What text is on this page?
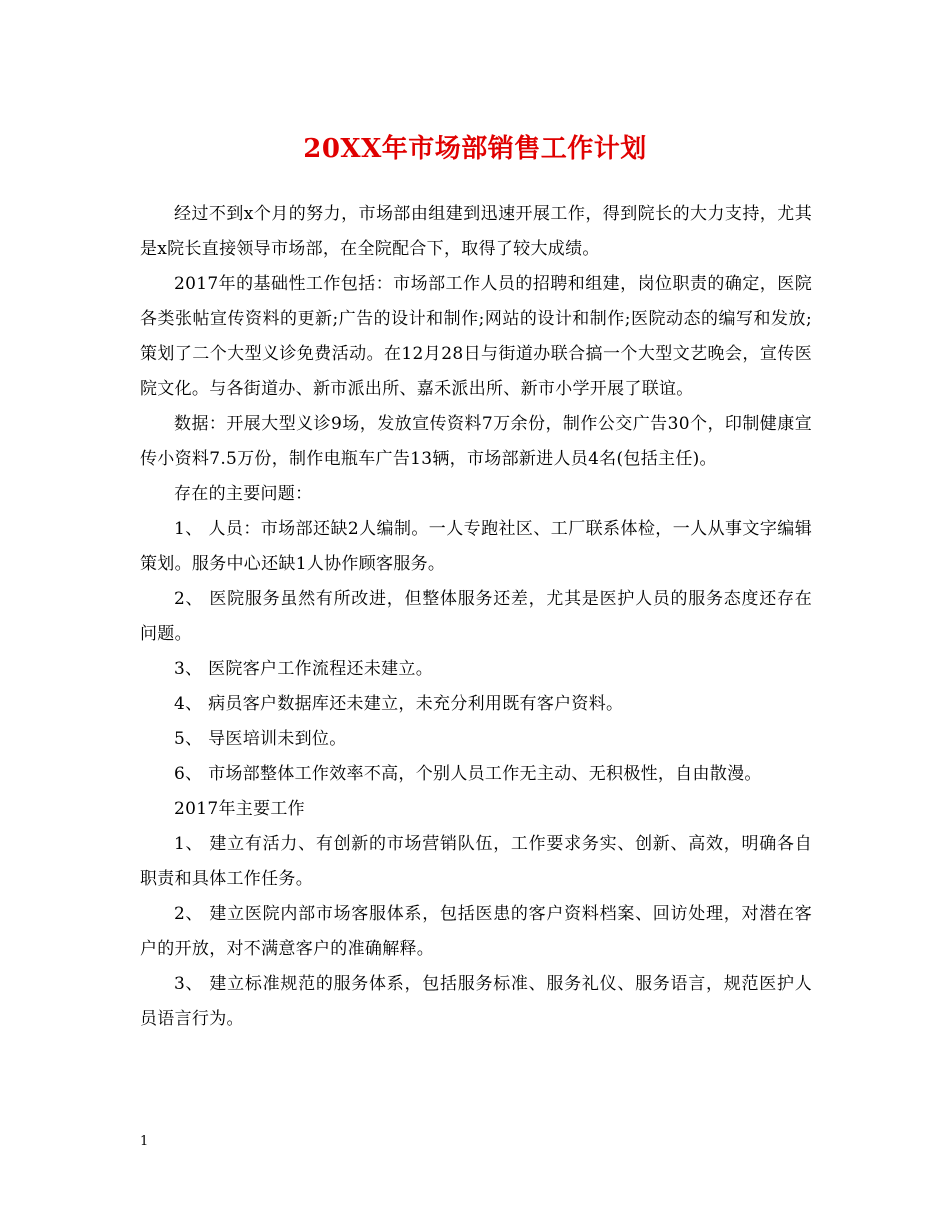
20XX年市场部销售工作计划

经过不到x个月的努力，市场部由组建到迅速开展工作，得到院长的大力支持，尤其是x院长直接领导市场部，在全院配合下，取得了较大成绩。

2017年的基础性工作包括：市场部工作人员的招聘和组建，岗位职责的确定，医院各类张帖宣传资料的更新;广告的设计和制作;网站的设计和制作;医院动态的编写和发放;策划了二个大型义诊免费活动。在12月28日与街道办联合搞一个大型文艺晚会，宣传医院文化。与各街道办、新市派出所、嘉禾派出所、新市小学开展了联谊。

数据：开展大型义诊9场，发放宣传资料7万余份，制作公交广告30个，印制健康宣传小资料7.5万份，制作电瓶车广告13辆，市场部新进人员4名(包括主任)。

存在的主要问题：

1、 人员：市场部还缺2人编制。一人专跑社区、工厂联系体检，一人从事文字编辑策划。服务中心还缺1人协作顾客服务。

2、 医院服务虽然有所改进，但整体服务还差，尤其是医护人员的服务态度还存在问题。

3、 医院客户工作流程还未建立。

4、 病员客户数据库还未建立，未充分利用既有客户资料。

5、 导医培训未到位。

6、 市场部整体工作效率不高，个别人员工作无主动、无积极性，自由散漫。

2017年主要工作

1、 建立有活力、有创新的市场营销队伍，工作要求务实、创新、高效，明确各自职责和具体工作任务。

2、 建立医院内部市场客服体系，包括医患的客户资料档案、回访处理，对潜在客户的开放，对不满意客户的准确解释。

3、 建立标准规范的服务体系，包括服务标准、服务礼仪、服务语言，规范医护人员语言行为。

1
